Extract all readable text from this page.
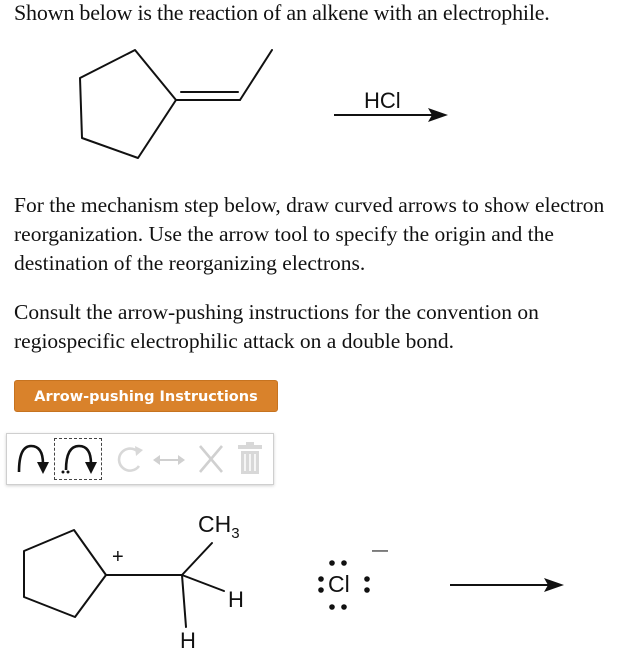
Shown below is the reaction of an alkene with an electrophile.

HCl

For the mechanism step below, draw curved arrows to show electron reorganization. Use the arrow tool to specify the origin and the destination of the reorganizing electrons.

Consult the arrow-pushing instructions for the convention on regiospecific electrophilic attack on a double bond.

Arrow-pushing Instructions
$CH_3$
+
H
H
Cl
—
